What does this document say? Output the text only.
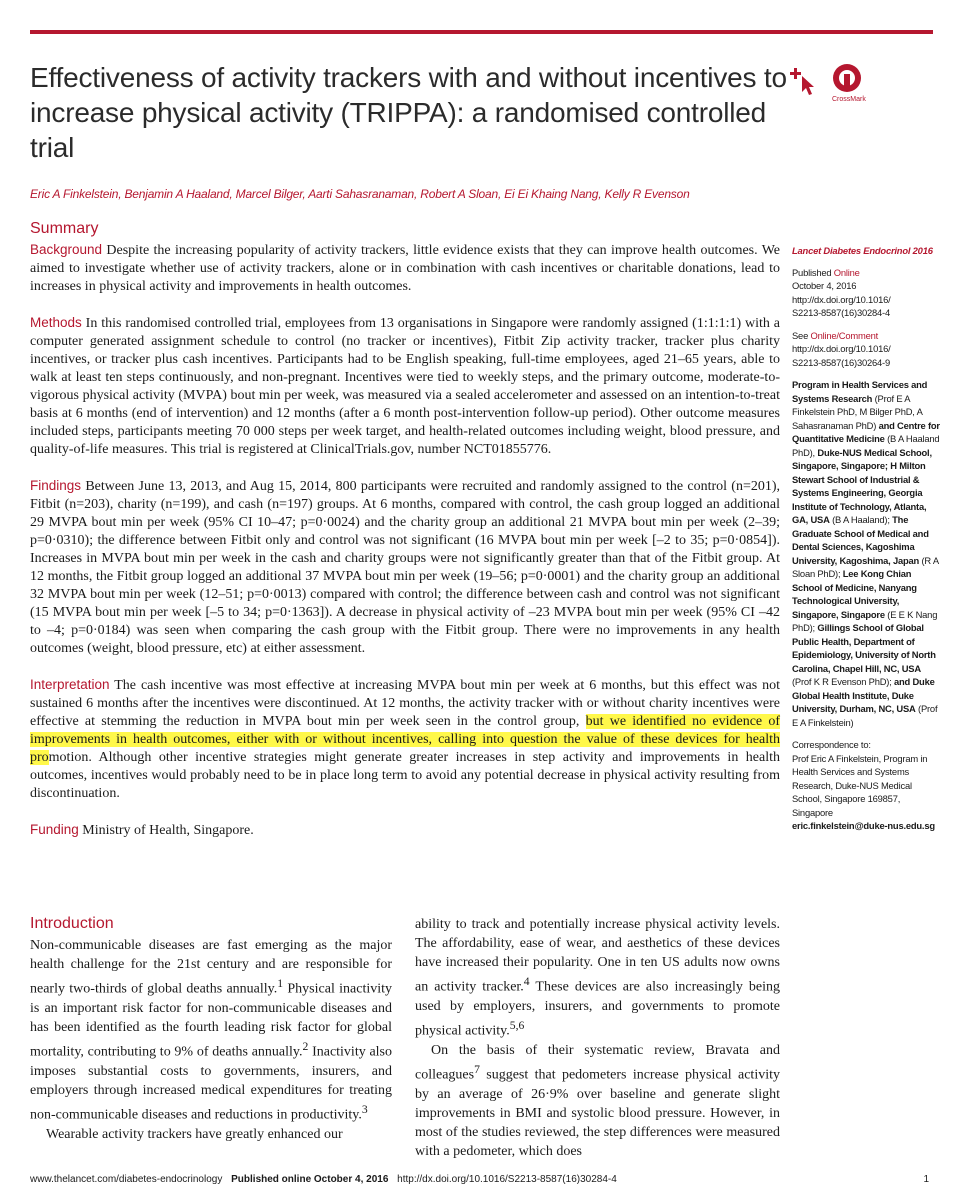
Effectiveness of activity trackers with and without incentives to increase physical activity (TRIPPA): a randomised controlled trial
CrossMark
Eric A Finkelstein, Benjamin A Haaland, Marcel Bilger, Aarti Sahasranaman, Robert A Sloan, Ei Ei Khaing Nang, Kelly R Evenson
Summary

Background Despite the increasing popularity of activity trackers, little evidence exists that they can improve health outcomes. We aimed to investigate whether use of activity trackers, alone or in combination with cash incentives or charitable donations, lead to increases in physical activity and improvements in health outcomes.

Methods In this randomised controlled trial, employees from 13 organisations in Singapore were randomly assigned (1:1:1:1) with a computer generated assignment schedule to control (no tracker or incentives), Fitbit Zip activity tracker, tracker plus charity incentives, or tracker plus cash incentives. Participants had to be English speaking, full-time employees, aged 21–65 years, able to walk at least ten steps continuously, and non-pregnant. Incentives were tied to weekly steps, and the primary outcome, moderate-to-vigorous physical activity (MVPA) bout min per week, was measured via a sealed accelerometer and assessed on an intention-to-treat basis at 6 months (end of intervention) and 12 months (after a 6 month post-intervention follow-up period). Other outcome measures included steps, participants meeting 70 000 steps per week target, and health-related outcomes including weight, blood pressure, and quality-of-life measures. This trial is registered at ClinicalTrials.gov, number NCT01855776.

Findings Between June 13, 2013, and Aug 15, 2014, 800 participants were recruited and randomly assigned to the control (n=201), Fitbit (n=203), charity (n=199), and cash (n=197) groups. At 6 months, compared with control, the cash group logged an additional 29 MVPA bout min per week (95% CI 10–47; p=0·0024) and the charity group an additional 21 MVPA bout min per week (2–39; p=0·0310); the difference between Fitbit only and control was not significant (16 MVPA bout min per week [–2 to 35; p=0·0854]). Increases in MVPA bout min per week in the cash and charity groups were not significantly greater than that of the Fitbit group. At 12 months, the Fitbit group logged an additional 37 MVPA bout min per week (19–56; p=0·0001) and the charity group an additional 32 MVPA bout min per week (12–51; p=0·0013) compared with control; the difference between cash and control was not significant (15 MVPA bout min per week [–5 to 34; p=0·1363]). A decrease in physical activity of –23 MVPA bout min per week (95% CI –42 to –4; p=0·0184) was seen when comparing the cash group with the Fitbit group. There were no improvements in any health outcomes (weight, blood pressure, etc) at either assessment.

Interpretation The cash incentive was most effective at increasing MVPA bout min per week at 6 months, but this effect was not sustained 6 months after the incentives were discontinued. At 12 months, the activity tracker with or without charity incentives were effective at stemming the reduction in MVPA bout min per week seen in the control group, but we identified no evidence of improvements in health outcomes, either with or without incentives, calling into question the value of these devices for health promotion. Although other incentive strategies might generate greater increases in step activity and improvements in health outcomes, incentives would probably need to be in place long term to avoid any potential decrease in physical activity resulting from discontinuation.

Funding Ministry of Health, Singapore.

Lancet Diabetes Endocrinol 2016
Published Online
October 4, 2016
http://dx.doi.org/10.1016/
S2213-8587(16)30284-4
See Online/Comment
http://dx.doi.org/10.1016/
S2213-8587(16)30264-9
Program in Health Services and Systems Research (Prof E A Finkelstein PhD, M Bilger PhD, A Sahasranaman PhD) and Centre for Quantitative Medicine (B A Haaland PhD), Duke-NUS Medical School, Singapore, Singapore; H Milton Stewart School of Industrial & Systems Engineering, Georgia Institute of Technology, Atlanta, GA, USA (B A Haaland); The Graduate School of Medical and Dental Sciences, Kagoshima University, Kagoshima, Japan (R A Sloan PhD); Lee Kong Chian School of Medicine, Nanyang Technological University, Singapore, Singapore (E E K Nang PhD); Gillings School of Global Public Health, Department of Epidemiology, University of North Carolina, Chapel Hill, NC, USA (Prof K R Evenson PhD); and Duke Global Health Institute, Duke University, Durham, NC, USA (Prof E A Finkelstein)
Correspondence to:
Prof Eric A Finkelstein, Program in Health Services and Systems Research, Duke-NUS Medical School, Singapore 169857, Singapore
eric.finkelstein@duke-nus.edu.sg
Introduction

Non-communicable diseases are fast emerging as the major health challenge for the 21st century and are responsible for nearly two-thirds of global deaths annually.$^1$ Physical inactivity is an important risk factor for non-communicable diseases and has been identified as the fourth leading risk factor for global mortality, contributing to 9% of deaths annually.$^2$ Inactivity also imposes substantial costs to governments, insurers, and employers through increased medical expenditures for treating non-communicable diseases and reductions in productivity.$^3$

Wearable activity trackers have greatly enhanced our

ability to track and potentially increase physical activity levels. The affordability, ease of wear, and aesthetics of these devices have increased their popularity. One in ten US adults now owns an activity tracker.$^4$ These devices are also increasingly being used by employers, insurers, and governments to promote physical activity.$^{5,6}$

On the basis of their systematic review, Bravata and colleagues$^7$ suggest that pedometers increase physical activity by an average of 26·9% over baseline and generate slight improvements in BMI and systolic blood pressure. However, in most of the studies reviewed, the step differences were measured with a pedometer, which does

www.thelancet.com/diabetes-endocrinology Published online October 4, 2016 http://dx.doi.org/10.1016/S2213-8587(16)30284-4	1
